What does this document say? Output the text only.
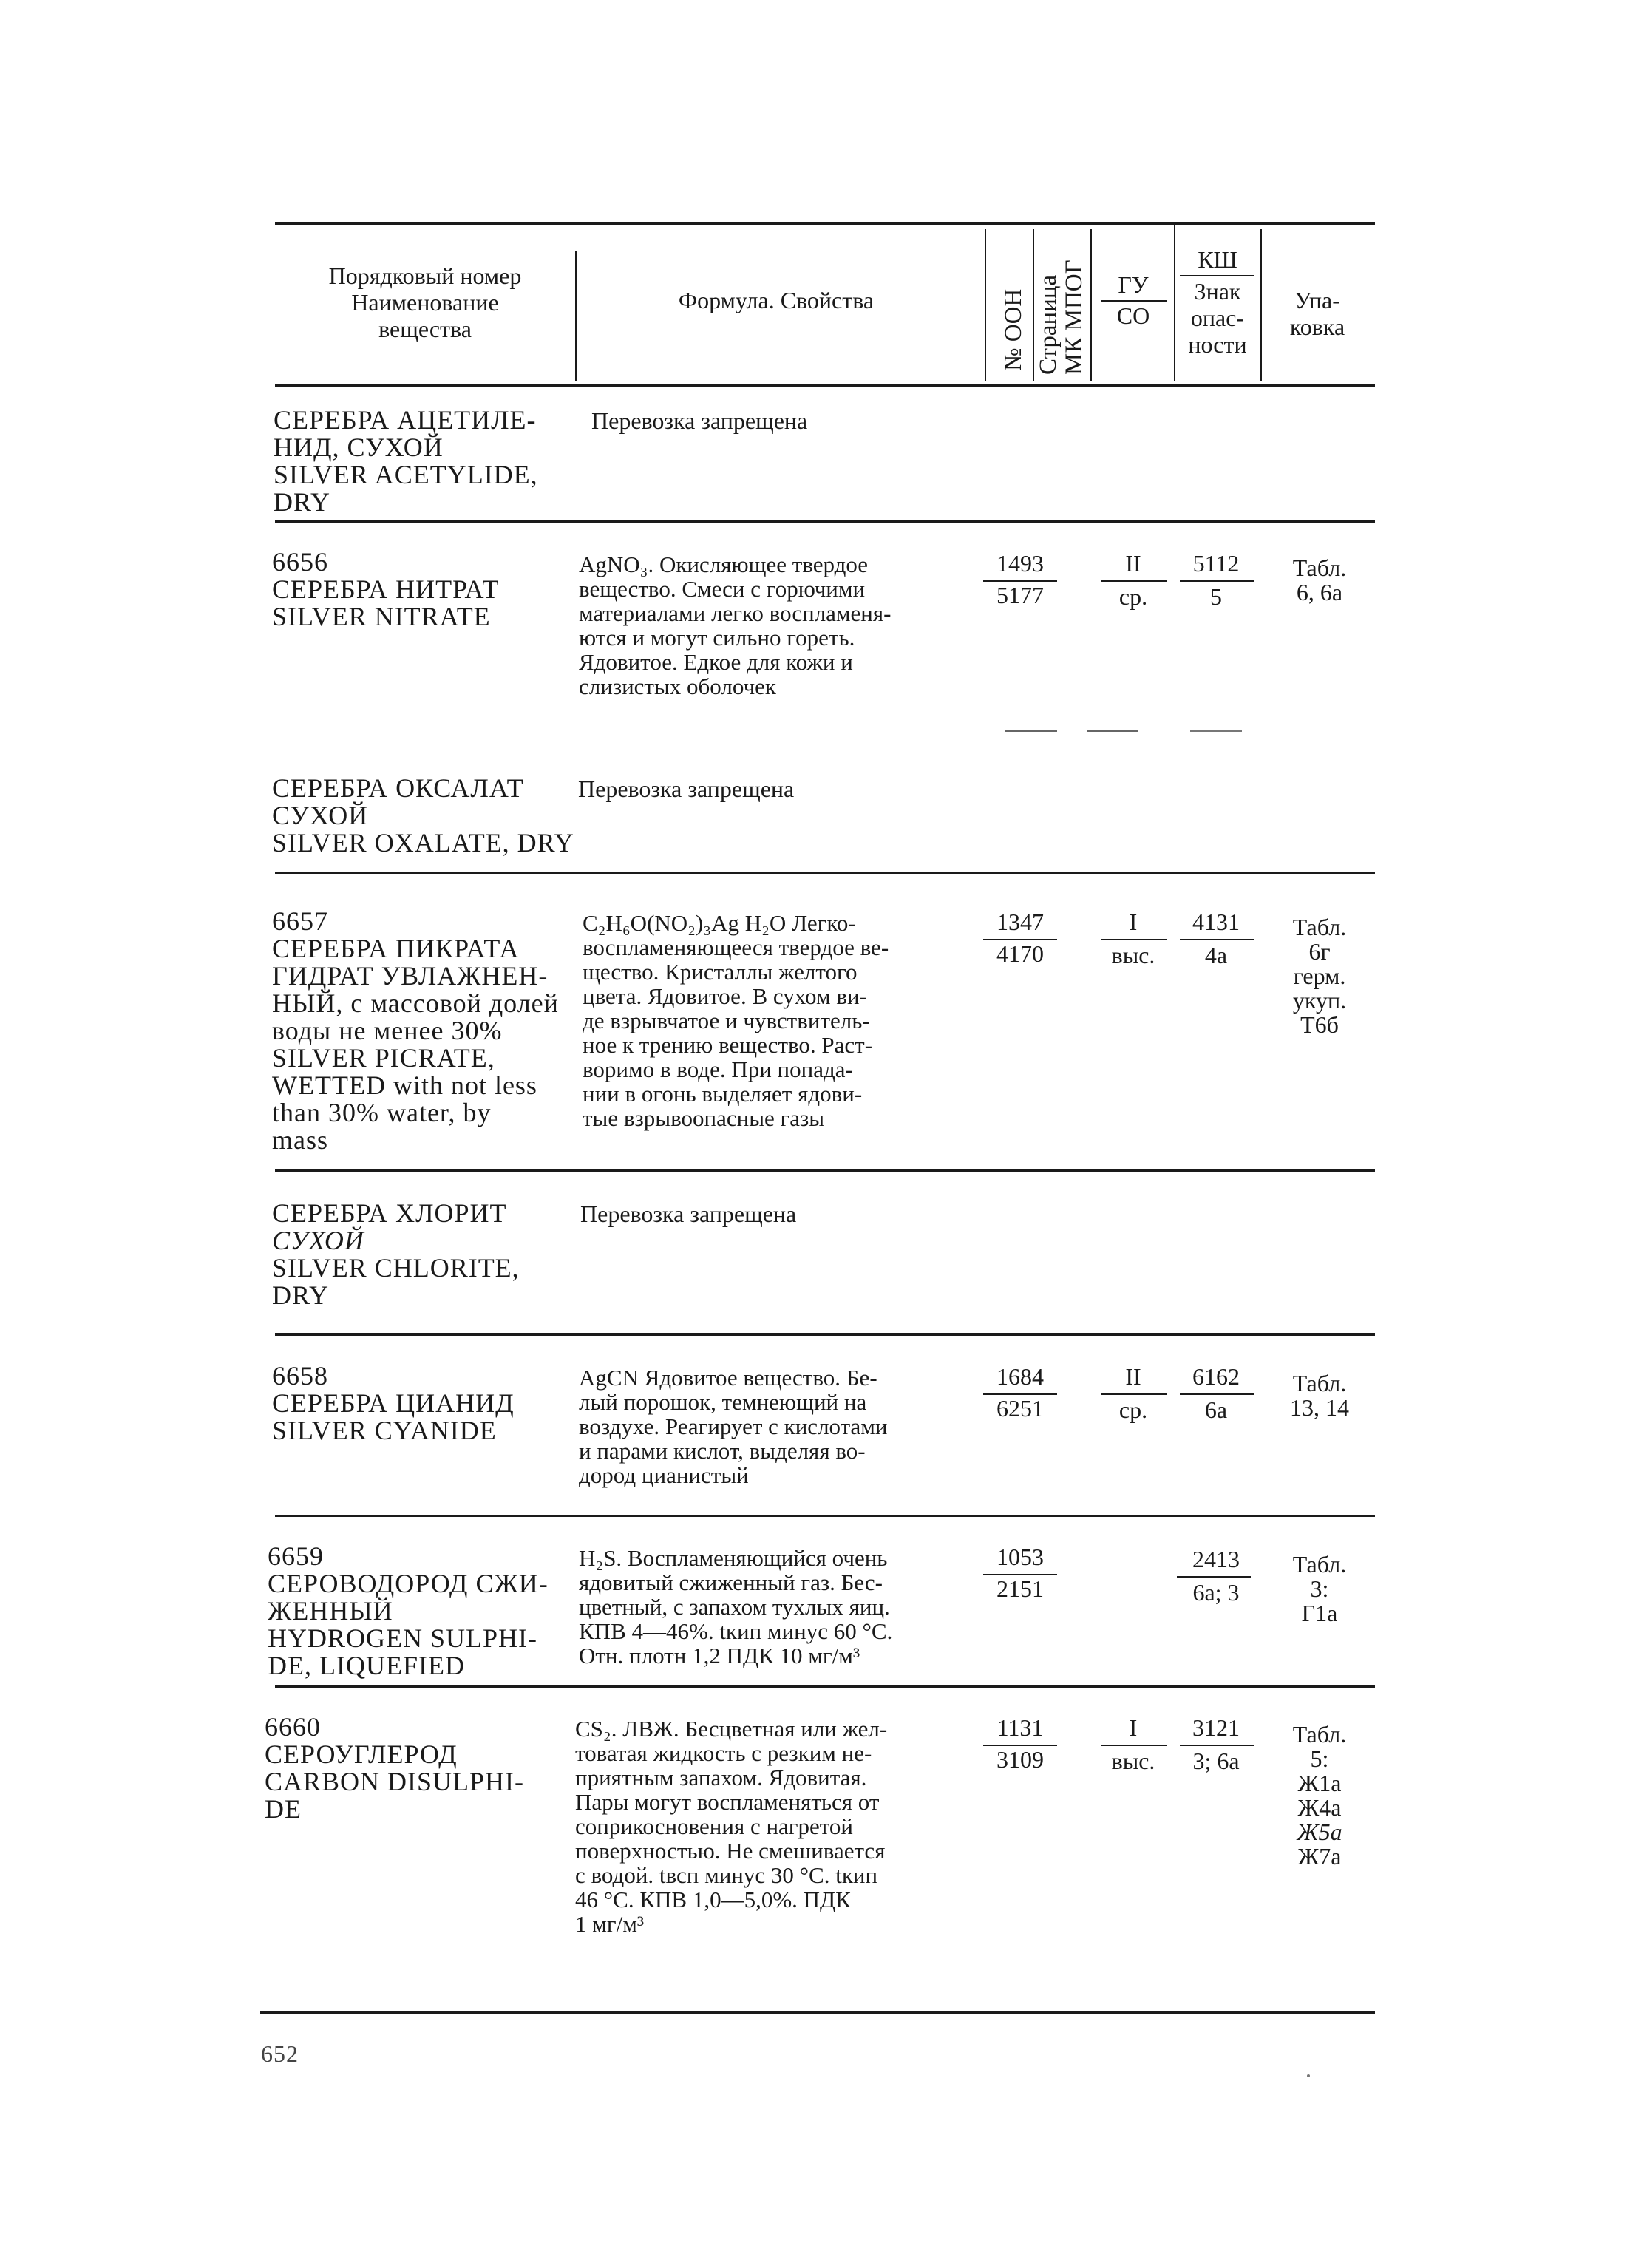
Порядковый номер
Наименование
вещества
Формула. Свойства	№ ООН Страница МК МПОГ	ГУ
СО
КШ
Знак
опас-
ности
Упа-
ковка
СЕРЕБРА АЦЕТИЛЕ-
НИД, СУХОЙ
SILVER ACETYLIDE,
DRY
Перевозка запрещена
6656
СЕРЕБРА НИТРАТ
SILVER NITRATE
AgNO₃. Окисляющее твердое
вещество. Смеси с горючими
материалами легко воспламеня-
ются и могут сильно гореть.
Ядовитое. Едкое для кожи и
слизистых оболочек
1493
5177
II
ср.
5112
5
Табл.
6, 6а
СЕРЕБРА ОКСАЛАТ
СУХОЙ
SILVER OXALATE, DRY
Перевозка запрещена
6657
СЕРЕБРА ПИКРАТА
ГИДРАТ УВЛАЖНЕН-
НЫЙ, с массовой долей
воды не менее 30%
SILVER PICRATE,
WETTED with not less
than 30% water, by
mass
C₂H₆O(NO₂)₃Ag H₂O Легко-
воспламеняющееся твердое ве-
щество. Кристаллы желтого
цвета. Ядовитое. В сухом ви-
де взрывчатое и чувствитель-
ное к трению вещество. Раст-
воримо в воде. При попада-
нии в огонь выделяет ядови-
тые взрывоопасные газы
1347
4170
I
выс.
4131
4а
Табл.
6г
герм.
укуп.
Т6б
СЕРЕБРА ХЛОРИТ
СУХОЙ
SILVER CHLORITE,
DRY
Перевозка запрещена
6658
СЕРЕБРА ЦИАНИД
SILVER CYANIDE
AgCN Ядовитое вещество. Бе-
лый порошок, темнеющий на
воздухе. Реагирует с кислотами
и парами кислот, выделяя во-
дород цианистый
1684
6251
II
ср.
6162
6а
Табл.
13, 14
6659
СЕРОВОДОРОД СЖИ-
ЖЕННЫЙ
HYDROGEN SULPHI-
DE, LIQUEFIED
H₂S. Воспламеняющийся очень
ядовитый сжиженный газ. Бес-
цветный, с запахом тухлых яиц.
КПВ 4—46%. tкип минус 60 °С.
Отн. плотн 1,2 ПДК 10 мг/м³
1053
2151
2413
6а; 3
Табл.
3:
Г1а
6660
СЕРОУГЛЕРОД
CARBON DISULPHI-
DE
CS₂. ЛВЖ. Бесцветная или жел-
товатая жидкость с резким не-
приятным запахом. Ядовитая.
Пары могут воспламеняться от
соприкосновения с нагретой
поверхностью. Не смешивается
с водой. tвсп минус 30 °С. tкип
46 °С. КПВ 1,0—5,0%. ПДК
1 мг/м³
1131
3109
I
выс.
3121
3; 6а
Табл.
5:
Ж1а
Ж4а
Ж5а
Ж7а
652
